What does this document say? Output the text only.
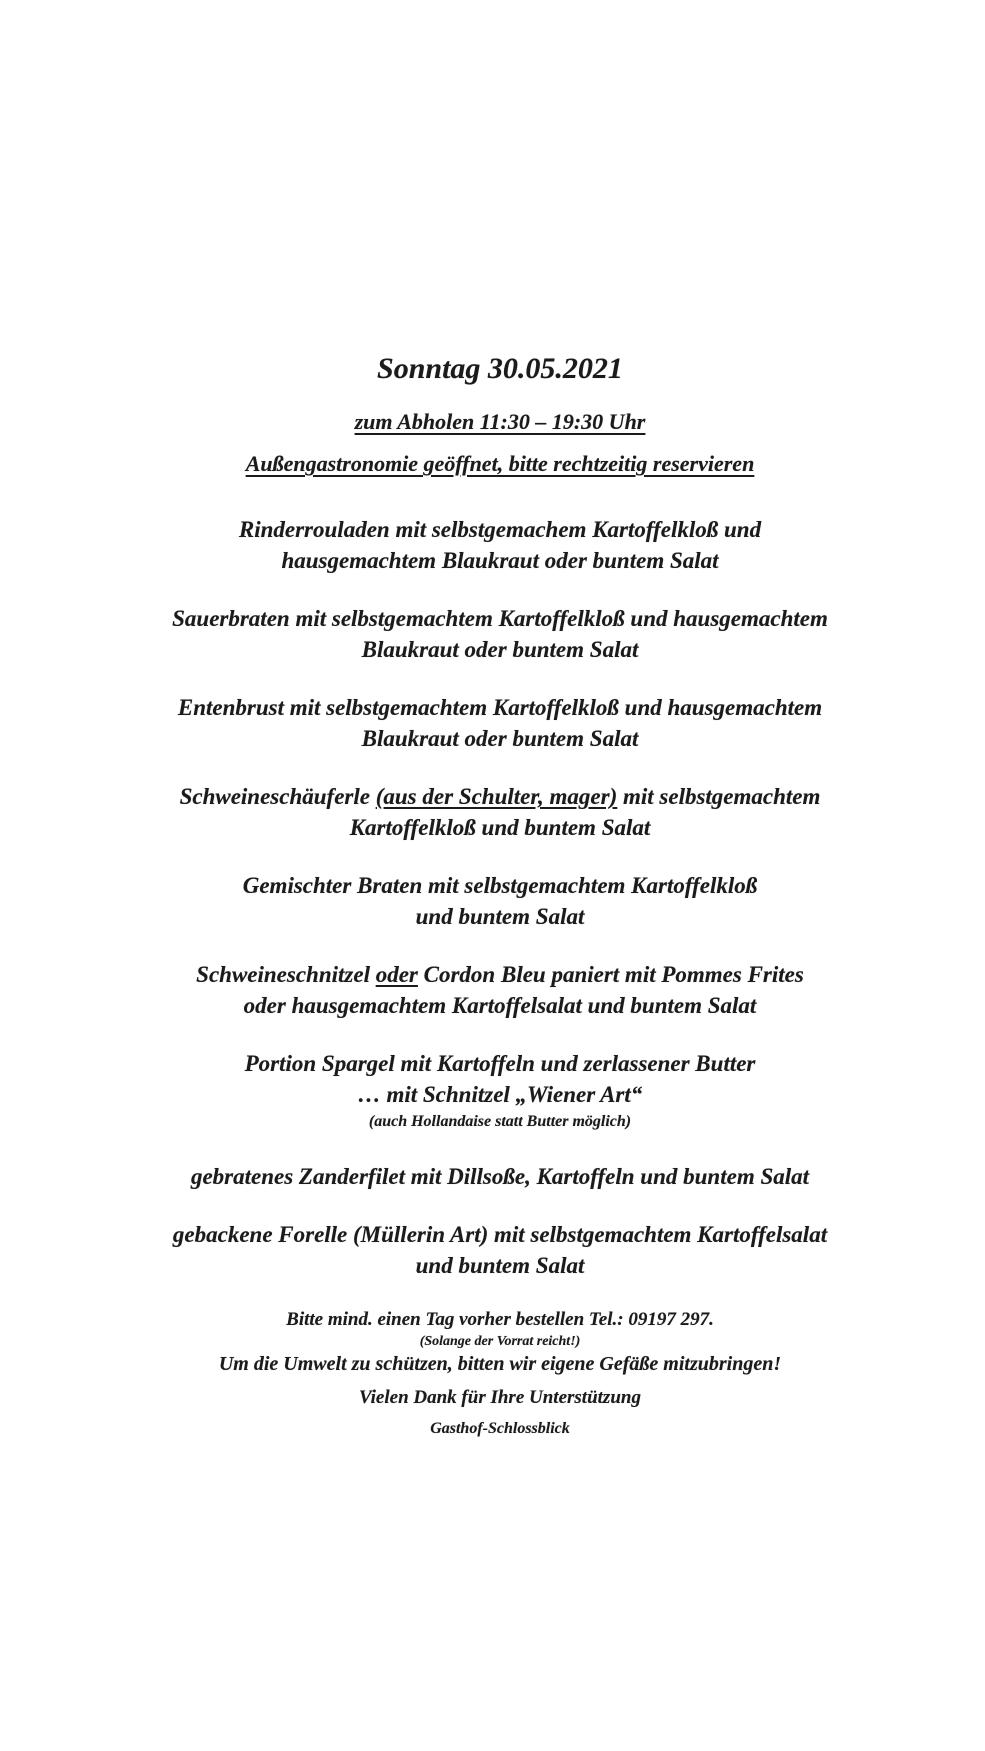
Sonntag 30.05.2021
zum Abholen 11:30 – 19:30 Uhr
Außengastronomie geöffnet, bitte rechtzeitig reservieren
Rinderrouladen mit selbstgemachem Kartoffelkloß und
hausgemachtem Blaukraut oder buntem Salat
Sauerbraten mit selbstgemachtem Kartoffelkloß und hausgemachtem
Blaukraut oder buntem Salat
Entenbrust mit selbstgemachtem Kartoffelkloß und hausgemachtem
Blaukraut oder buntem Salat
Schweineschäuferle (aus der Schulter, mager) mit selbstgemachtem
Kartoffelkloß und buntem Salat
Gemischter Braten mit selbstgemachtem Kartoffelkloß
und buntem Salat
Schweineschnitzel oder Cordon Bleu paniert mit Pommes Frites
oder hausgemachtem Kartoffelsalat und buntem Salat
Portion Spargel mit Kartoffeln und zerlassener Butter
… mit Schnitzel „Wiener Art“
(auch Hollandaise statt Butter möglich)
gebratenes Zanderfilet mit Dillsoße, Kartoffeln und buntem Salat
gebackene Forelle (Müllerin Art) mit selbstgemachtem Kartoffelsalat
und buntem Salat
Bitte mind. einen Tag vorher bestellen Tel.: 09197 297.
(Solange der Vorrat reicht!)
Um die Umwelt zu schützen, bitten wir eigene Gefäße mitzubringen!
Vielen Dank für Ihre Unterstützung
Gasthof-Schlossblick
